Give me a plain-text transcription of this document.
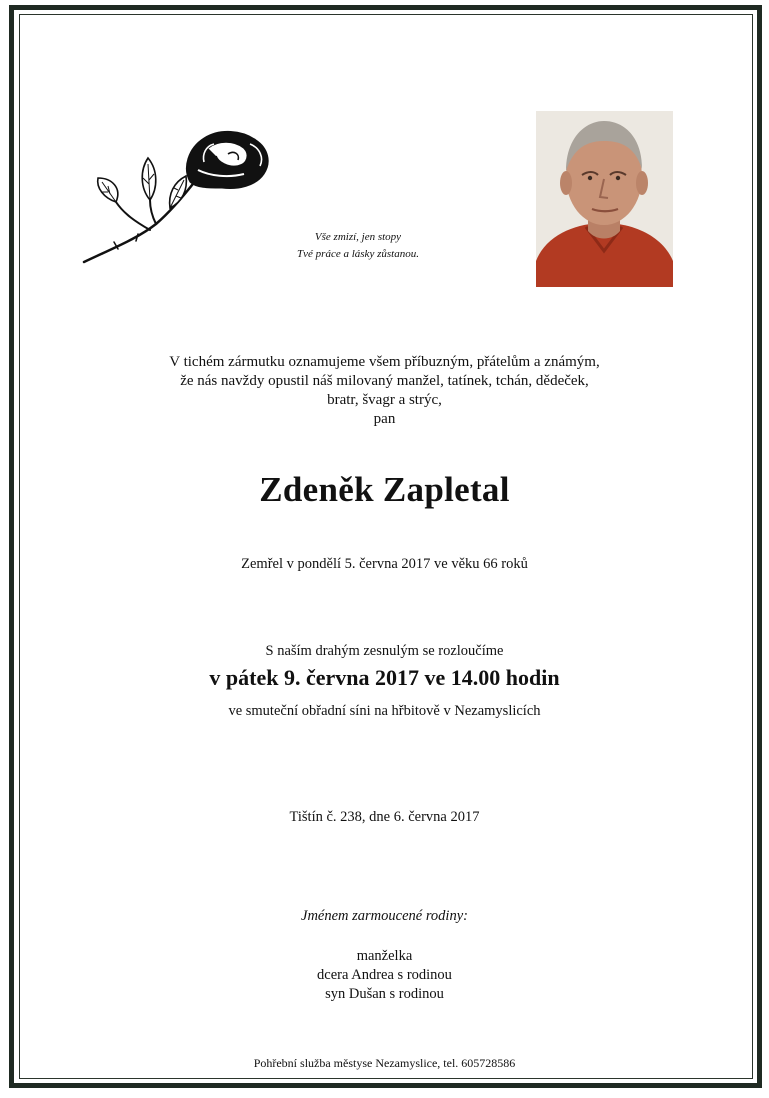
Vše zmizí, jen stopy
Tvé práce a lásky zůstanou.
V tichém zármutku oznamujeme všem příbuzným, přátelům a známým,
že nás navždy opustil náš milovaný manžel, tatínek, tchán, dědeček,
bratr, švagr a strýc,
pan
Zdeněk Zapletal
Zemřel v pondělí 5. června 2017 ve věku 66 roků
S naším drahým zesnulým se rozloučíme
v pátek 9. června 2017 ve 14.00 hodin
ve smuteční obřadní síni na hřbitově v Nezamyslicích
Tištín č. 238, dne 6. června 2017
Jménem zarmoucené rodiny:
manželka
dcera Andrea s rodinou
syn Dušan s rodinou
Pohřební služba městyse Nezamyslice, tel. 605728586
